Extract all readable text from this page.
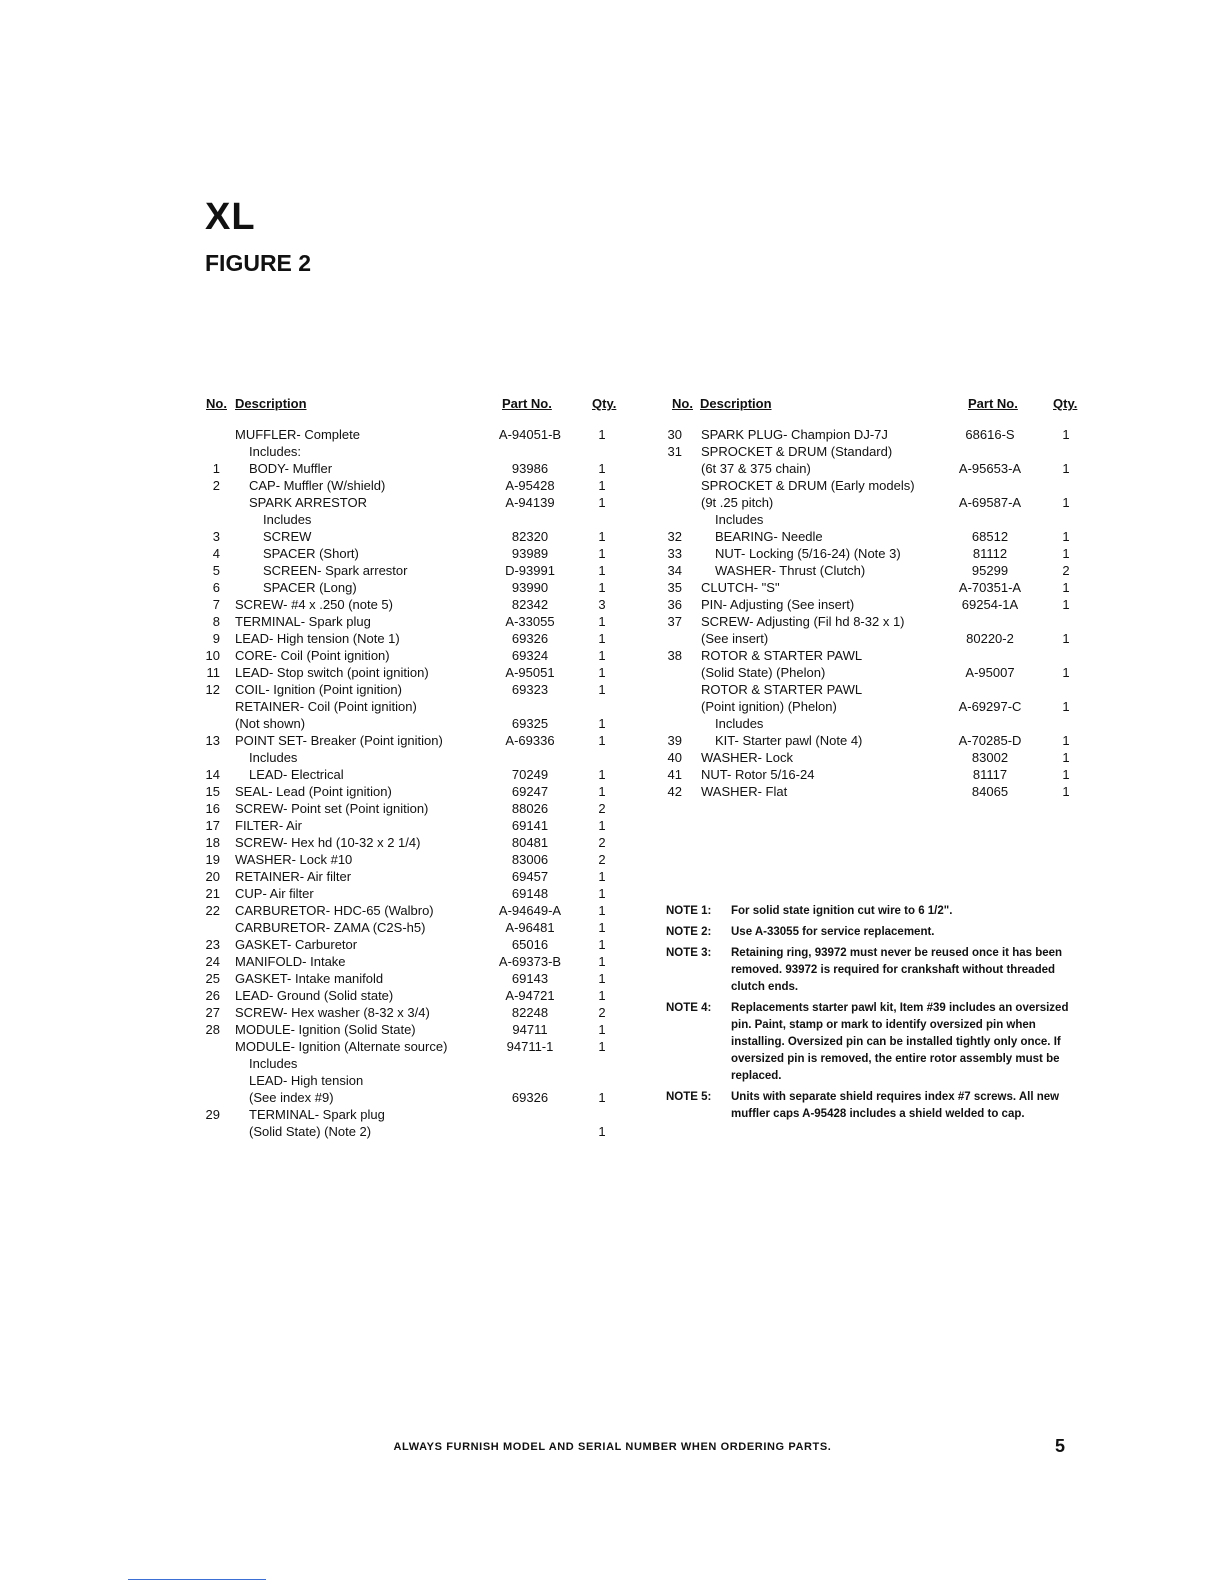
XL
FIGURE 2
No. Description	Part No.	Qty.
MUFFLER- Complete	A-94051-B	1
Includes:
1 BODY- Muffler	93986	1
2 CAP- Muffler (W/shield)	A-95428	1
SPARK ARRESTOR	A-94139	1
Includes
3	SCREW	82320	1
4	SPACER (Short)	93989	1
5	SCREEN- Spark arrestor	D-93991	1
6	SPACER (Long)	93990	1
7 SCREW- #4 x .250 (note 5)	82342	3
8 TERMINAL- Spark plug	A-33055	1
9 LEAD- High tension (Note 1)	69326	1
10 CORE- Coil (Point ignition)	69324	1
11 LEAD- Stop switch (point ignition)	A-95051	1
12 COIL- Ignition (Point ignition)	69323	1
RETAINER- Coil (Point ignition)
(Not shown)	69325	1
13 POINT SET- Breaker (Point ignition)	A-69336	1
Includes
14 LEAD- Electrical	70249	1
15 SEAL- Lead (Point ignition)	69247	1
16 SCREW- Point set (Point ignition)	88026	2
17 FILTER- Air	69141	1
18 SCREW- Hex hd (10-32 x 2 1/4)	80481	2
19 WASHER- Lock #10	83006	2
20 RETAINER- Air filter	69457	1
21 CUP- Air filter	69148	1
22 CARBURETOR- HDC-65 (Walbro)	A-94649-A	1
CARBURETOR- ZAMA (C2S-h5)	A-96481	1
23 GASKET- Carburetor	65016	1
24 MANIFOLD- Intake	A-69373-B	1
25 GASKET- Intake manifold	69143	1
26 LEAD- Ground (Solid state)	A-94721	1
27 SCREW- Hex washer (8-32 x 3/4)	82248	2
28 MODULE- Ignition (Solid State)	94711	1
MODULE- Ignition (Alternate source)	94711-1	1
Includes
LEAD- High tension
(See index #9)	69326	1
29 TERMINAL- Spark plug
(Solid State) (Note 2)	1
No. Description	Part No.	Qty.
30 SPARK PLUG- Champion DJ-7J	68616-S	1
31 SPROCKET & DRUM (Standard)
(6t 37 & 375 chain)	A-95653-A	1
SPROCKET & DRUM (Early models)
(9t .25 pitch)	A-69587-A	1
Includes
32	BEARING- Needle	68512	1
33	NUT- Locking (5/16-24) (Note 3)	81112	1
34	WASHER- Thrust (Clutch)	95299	2
35 CLUTCH- "S"	A-70351-A	1
36 PIN- Adjusting (See insert)	69254-1A	1
37 SCREW- Adjusting (Fil hd 8-32 x 1)
(See insert)	80220-2	1
38 ROTOR & STARTER PAWL
(Solid State) (Phelon)	A-95007	1
ROTOR & STARTER PAWL
(Point ignition) (Phelon)	A-69297-C	1
Includes
39	KIT- Starter pawl (Note 4)	A-70285-D	1
40 WASHER- Lock	83002	1
41 NUT- Rotor 5/16-24	81117	1
42 WASHER- Flat	84065	1
NOTE 1: For solid state ignition cut wire to 6 1/2".
NOTE 2: Use A-33055 for service replacement.
NOTE 3: Retaining ring, 93972 must never be reused once it has been removed. 93972 is required for crankshaft without threaded clutch ends.
NOTE 4: Replacements starter pawl kit, Item #39 includes an oversized pin. Paint, stamp or mark to identify oversized pin when installing. Oversized pin can be installed tightly only once. If oversized pin is removed, the entire rotor assembly must be replaced.
NOTE 5: Units with separate shield requires index #7 screws. All new muffler caps A-95428 includes a shield welded to cap.
ALWAYS FURNISH MODEL AND SERIAL NUMBER WHEN ORDERING PARTS.	5
